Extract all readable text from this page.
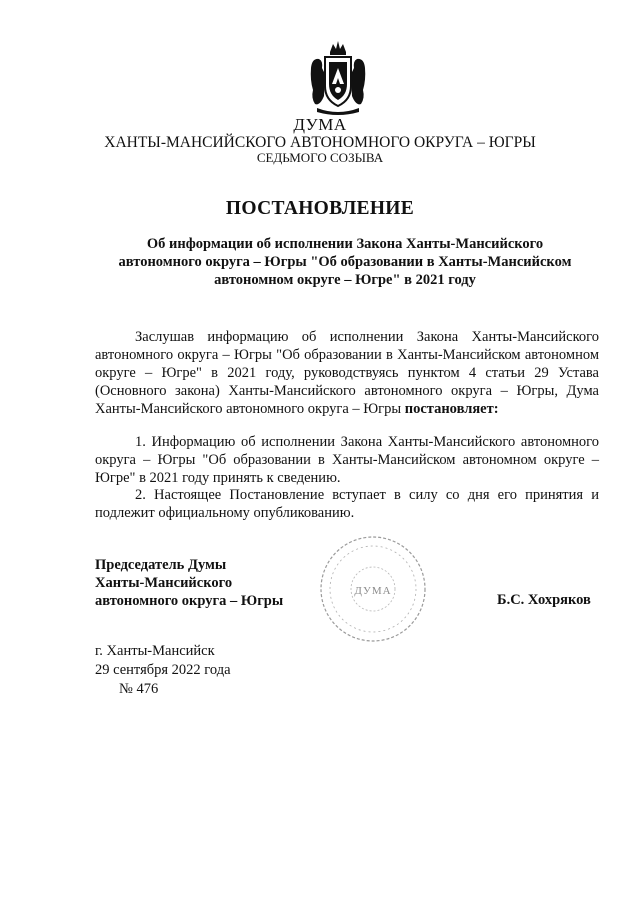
ДУМА

ХАНТЫ-МАНСИЙСКОГО АВТОНОМНОГО ОКРУГА – ЮГРЫ

СЕДЬМОГО СОЗЫВА

ПОСТАНОВЛЕНИЕ

Об информации об исполнении Закона Ханты-Мансийского автономного округа – Югры "Об образовании в Ханты-Мансийском автономном округе – Югре" в 2021 году

Заслушав информацию об исполнении Закона Ханты-Мансийского автономного округа – Югры "Об образовании в Ханты-Мансийском автономном округе – Югре" в 2021 году, руководствуясь пунктом 4 статьи 29 Устава (Основного закона) Ханты-Мансийского автономного округа – Югры, Дума Ханты-Мансийского автономного округа – Югры постановляет:

1. Информацию об исполнении Закона Ханты-Мансийского автономного округа – Югры "Об образовании в Ханты-Мансийском автономном округе – Югре" в 2021 году принять к сведению.

2. Настоящее Постановление вступает в силу со дня его принятия и подлежит официальному опубликованию.

ДУМА
Председатель Думы
Ханты-Мансийского
автономного округа – Югры	Б.С. Хохряков

г. Ханты-Мансийск

29 сентября 2022 года

№ 476
